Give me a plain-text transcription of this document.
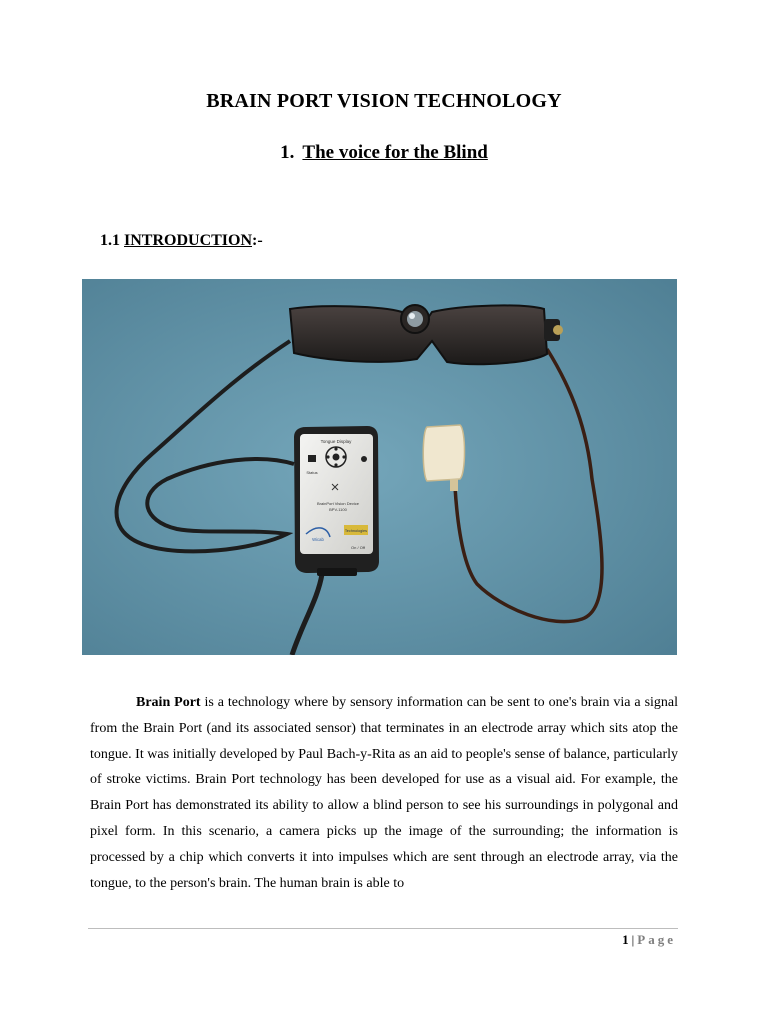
BRAIN PORT VISION TECHNOLOGY
1. The voice for the Blind
1.1 INTRODUCTION:-
Tongue Display
Status
BrainPort Vision Device
BPV-1100
Wicab
Technologies
On / Off

Brain Port is a technology where by sensory information can be sent to one's brain via a signal from the Brain Port (and its associated sensor) that terminates in an electrode array which sits atop the tongue. It was initially developed by Paul Bach-y-Rita as an aid to people's sense of balance, particularly of stroke victims. Brain Port technology has been developed for use as a visual aid. For example, the Brain Port has demonstrated its ability to allow a blind person to see his surroundings in polygonal and pixel form. In this scenario, a camera picks up the image of the surrounding; the information is processed by a chip which converts it into impulses which are sent through an electrode array, via the tongue, to the person's brain. The human brain is able to

1 | Page
